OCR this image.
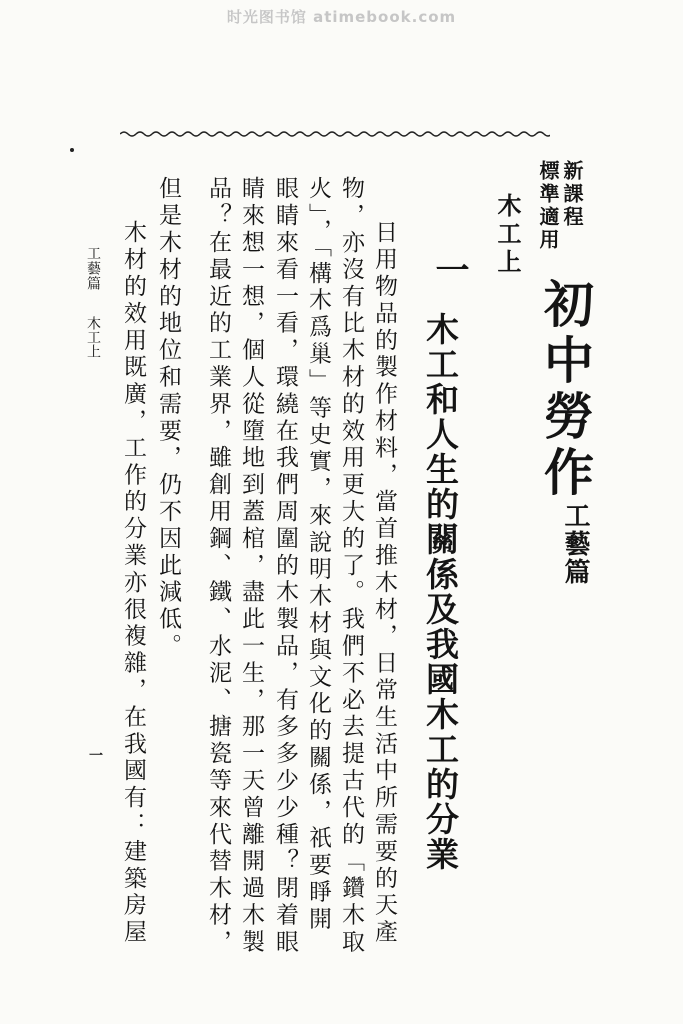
时光图书馆 atimebook.com
新課程
標準適用
初中勞作
工藝篇
木工上
一
木工和人生的關係及我國木工的分業
日用物品的製作材料，當首推木材，日常生活中所需要的天產
物，亦沒有比木材的效用更大的了。我們不必去提古代的「鑽木取
火」，「構木爲巢」等史實，來說明木材與文化的關係，祇要睜開
眼睛來看一看，環繞在我們周圍的木製品，有多多少少種？閉着眼
睛來想一想，個人從墮地到蓋棺，盡此一生，那一天曾離開過木製
品？在最近的工業界，雖創用鋼、鐵、水泥、搪瓷等來代替木材，
但是木材的地位和需要，仍不因此減低。
木材的效用既廣，工作的分業亦很複雜，在我國有：建築房屋
工藝篇
木工上
一
